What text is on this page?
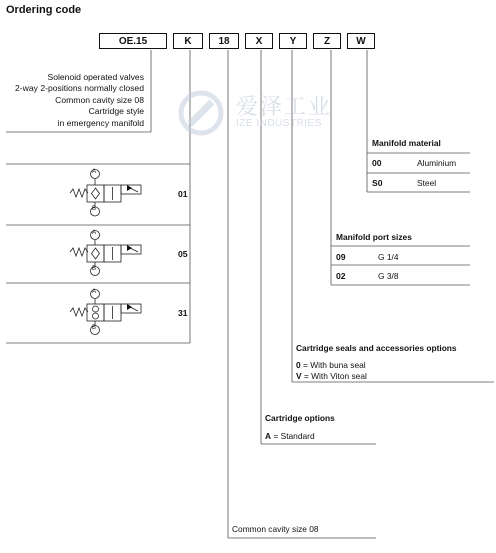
Ordering code
OE.15	K	18	X	Y	Z	W
Solenoid operated valves
2-way 2-positions normally closed
Common cavity size 08
Cartridge style
in emergency manifold
爱泽工业
IZE INDUSTRIES
A
B
01
A
B
05
A
B
31
Manifold material
00	Aluminium
S0	Steel
Manifold port sizes
09	G 1/4
02	G 3/8
Cartridge seals and accessories options
0 = With buna seal
V = With Viton seal
Cartridge options
A = Standard
Common cavity size 08
